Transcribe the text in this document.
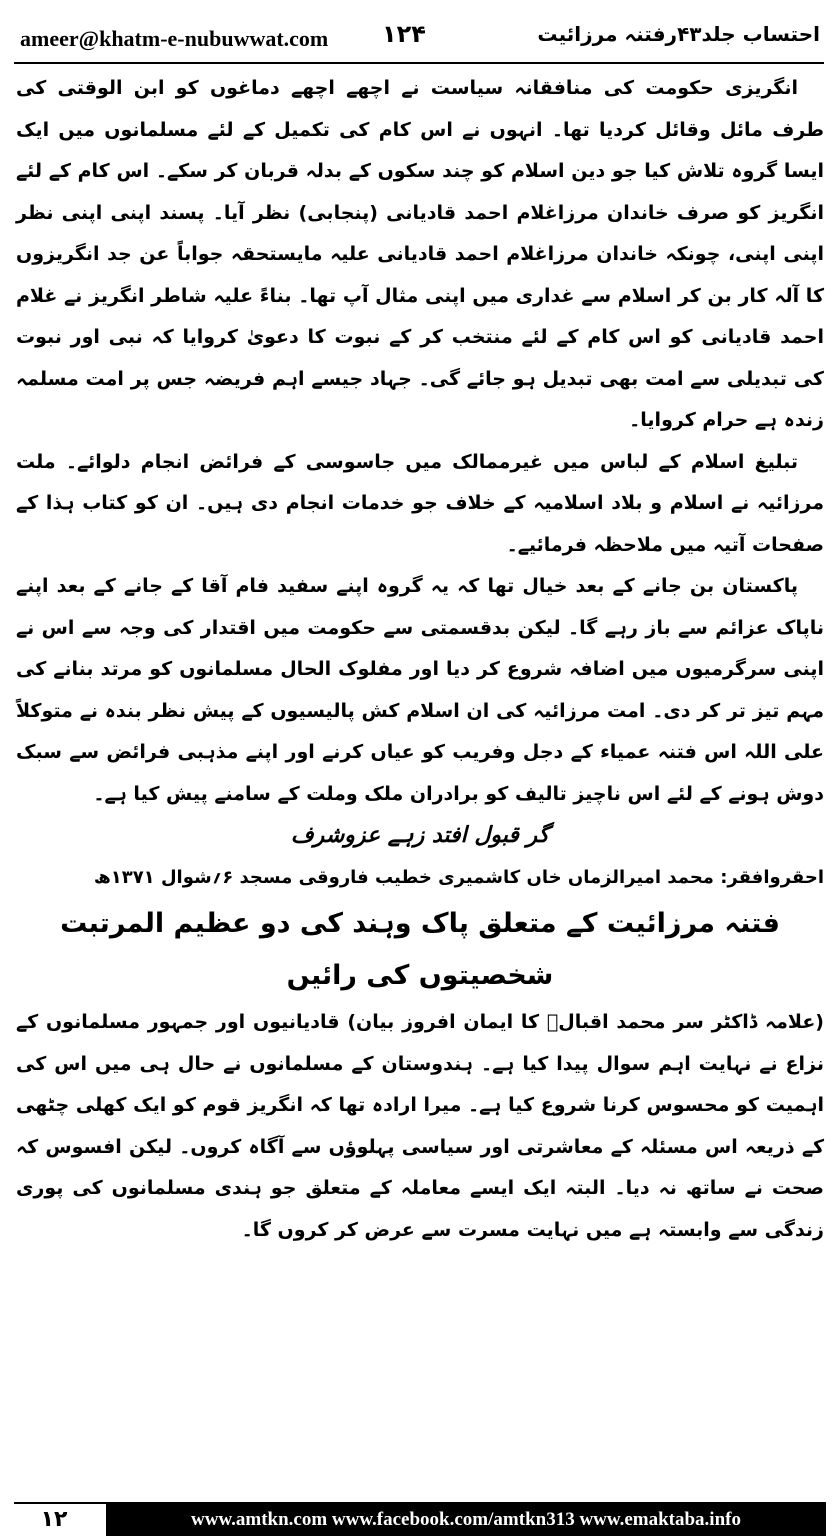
ameer@khatm-e-nubuwwat.com ۱۲۴	احتساب جلد۴۳رفتنہ مرزائیت

انگریزی حکومت کی منافقانہ سیاست نے اچھے اچھے دماغوں کو ابن الوقتی کی طرف مائل وقائل کردیا تھا۔ انہوں نے اس کام کی تکمیل کے لئے مسلمانوں میں ایک ایسا گروہ تلاش کیا جو دین اسلام کو چند سکوں کے بدلہ قربان کر سکے۔ اس کام کے لئے انگریز کو صرف خاندان مرزاغلام احمد قادیانی (پنجابی) نظر آیا۔ پسند اپنی اپنی نظر اپنی اپنی، چونکہ خاندان مرزاغلام احمد قادیانی علیہ مایستحقہ جواباً عن جد انگریزوں کا آلہ کار بن کر اسلام سے غداری میں اپنی مثال آپ تھا۔ بناءً علیہ شاطر انگریز نے غلام احمد قادیانی کو اس کام کے لئے منتخب کر کے نبوت کا دعویٰ کروایا کہ نبی اور نبوت کی تبدیلی سے امت بھی تبدیل ہو جائے گی۔ جہاد جیسے اہم فریضہ جس پر امت مسلمہ زندہ ہے حرام کروایا۔

تبلیغ اسلام کے لباس میں غیرممالک میں جاسوسی کے فرائض انجام دلوائے۔ ملت مرزائیہ نے اسلام و بلاد اسلامیہ کے خلاف جو خدمات انجام دی ہیں۔ ان کو کتاب ہذا کے صفحات آتیہ میں ملاحظہ فرمائیے۔

پاکستان بن جانے کے بعد خیال تھا کہ یہ گروہ اپنے سفید فام آقا کے جانے کے بعد اپنے ناپاک عزائم سے باز رہے گا۔ لیکن بدقسمتی سے حکومت میں اقتدار کی وجہ سے اس نے اپنی سرگرمیوں میں اضافہ شروع کر دیا اور مفلوک الحال مسلمانوں کو مرتد بنانے کی مہم تیز تر کر دی۔ امت مرزائیہ کی ان اسلام کش پالیسیوں کے پیش نظر بندہ نے متوکلاً علی اللہ اس فتنہ عمیاء کے دجل وفریب کو عیاں کرنے اور اپنے مذہبی فرائض سے سبک دوش ہونے کے لئے اس ناچیز تالیف کو برادران ملک وملت کے سامنے پیش کیا ہے۔

گر قبول افتد زہے عزوشرف

احقروافقر: محمد امیرالزماں خاں کاشمیری خطیب فاروقی مسجد ۶؍شوال ۱۳۷۱ھ

فتنہ مرزائیت کے متعلق پاک وہند کی دو عظیم المرتبت شخصیتوں کی رائیں

(علامہ ڈاکٹر سر محمد اقبالؒ کا ایمان افروز بیان) قادیانیوں اور جمہور مسلمانوں کے نزاع نے نہایت اہم سوال پیدا کیا ہے۔ ہندوستان کے مسلمانوں نے حال ہی میں اس کی اہمیت کو محسوس کرنا شروع کیا ہے۔ میرا ارادہ تھا کہ انگریز قوم کو ایک کھلی چٹھی کے ذریعہ اس مسئلہ کے معاشرتی اور سیاسی پہلوؤں سے آگاہ کروں۔ لیکن افسوس کہ صحت نے ساتھ نہ دیا۔ البتہ ایک ایسے معاملہ کے متعلق جو ہندی مسلمانوں کی پوری زندگی سے وابستہ ہے میں نہایت مسرت سے عرض کر کروں گا۔

۱۲	www.amtkn.com www.facebook.com/amtkn313 www.emaktaba.info
